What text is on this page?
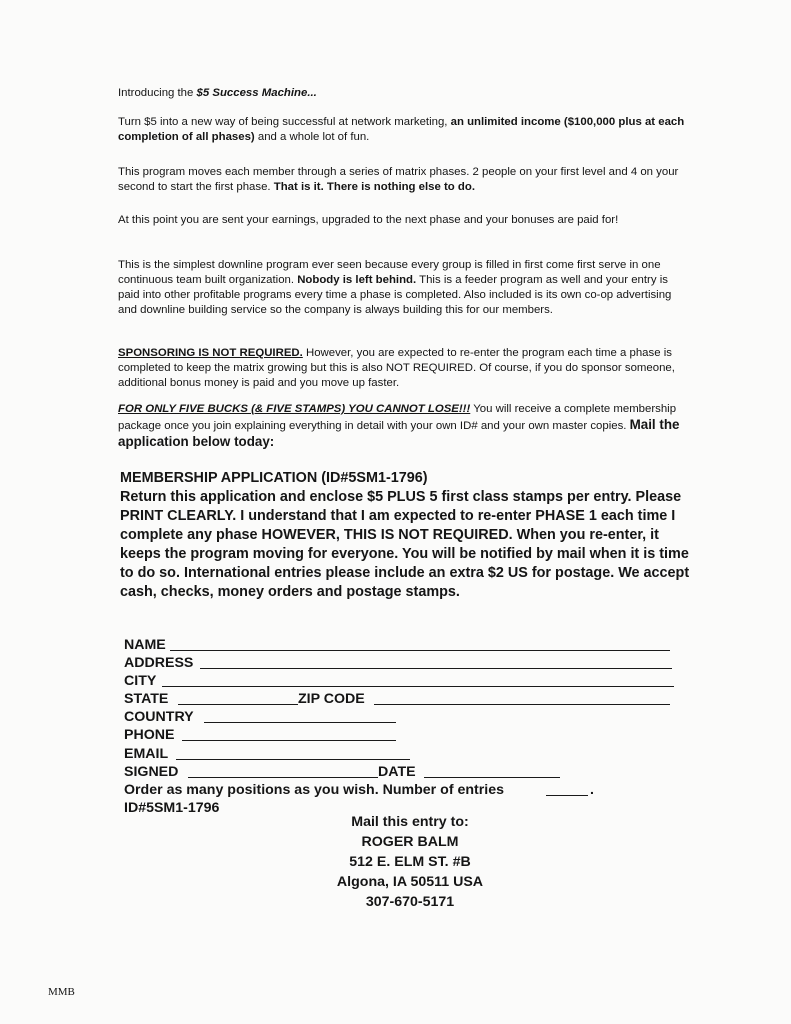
Introducing the $5 Success Machine...

Turn $5 into a new way of being successful at network marketing, an unlimited income ($100,000 plus at each completion of all phases) and a whole lot of fun.

This program moves each member through a series of matrix phases. 2 people on your first level and 4 on your second to start the first phase. That is it. There is nothing else to do.

At this point you are sent your earnings, upgraded to the next phase and your bonuses are paid for!

This is the simplest downline program ever seen because every group is filled in first come first serve in one continuous team built organization. Nobody is left behind. This is a feeder program as well and your entry is paid into other profitable programs every time a phase is completed. Also included is its own co-op advertising and downline building service so the company is always building this for our members.

SPONSORING IS NOT REQUIRED. However, you are expected to re-enter the program each time a phase is completed to keep the matrix growing but this is also NOT REQUIRED. Of course, if you do sponsor someone, additional bonus money is paid and you move up faster.

FOR ONLY FIVE BUCKS (& FIVE STAMPS) YOU CANNOT LOSE!!! You will receive a complete membership package once you join explaining everything in detail with your own ID# and your own master copies. Mail the application below today:

MEMBERSHIP APPLICATION (ID#5SM1-1796)

Return this application and enclose $5 PLUS 5 first class stamps per entry. Please PRINT CLEARLY. I understand that I am expected to re-enter PHASE 1 each time I complete any phase HOWEVER, THIS IS NOT REQUIRED. When you re-enter, it keeps the program moving for everyone. You will be notified by mail when it is time to do so. International entries please include an extra $2 US for postage. We accept cash, checks, money orders and postage stamps.

NAME
ADDRESS
CITY
STATE	ZIP CODE
COUNTRY
PHONE
EMAIL
SIGNED	DATE
Order as many positions as you wish. Number of entries	.
ID#5SM1-1796
Mail this entry to:
ROGER BALM
512 E. ELM ST. #B
Algona, IA 50511 USA
307-670-5171
MMB
